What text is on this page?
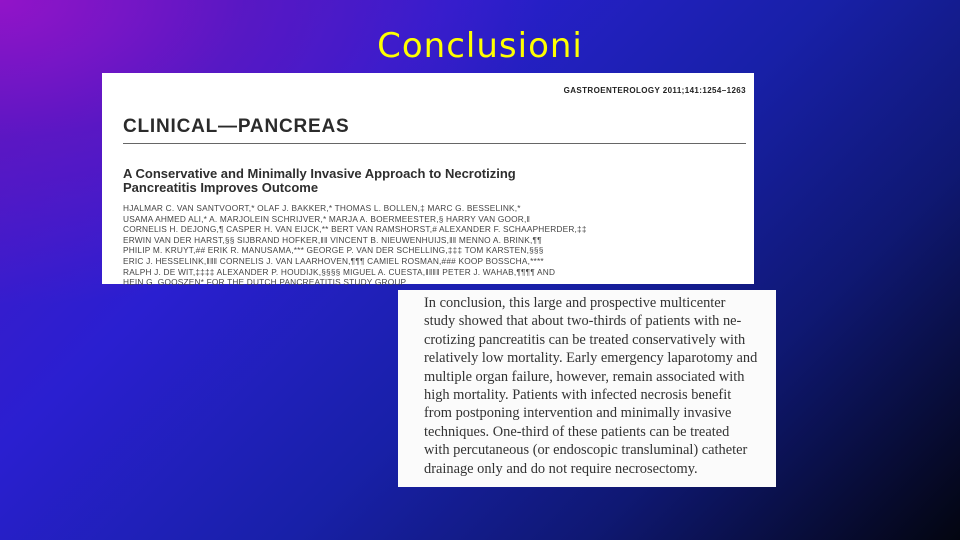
Conclusioni
GASTROENTEROLOGY 2011;141:1254–1263
CLINICAL—PANCREAS
A Conservative and Minimally Invasive Approach to Necrotizing
Pancreatitis Improves Outcome

HJALMAR C. VAN SANTVOORT,* OLAF J. BAKKER,* THOMAS L. BOLLEN,‡ MARC G. BESSELINK,*

USAMA AHMED ALI,* A. MARJOLEIN SCHRIJVER,* MARJA A. BOERMEESTER,§ HARRY VAN GOOR,‖

CORNELIS H. DEJONG,¶ CASPER H. VAN EIJCK,** BERT VAN RAMSHORST,# ALEXANDER F. SCHAAPHERDER,‡‡

ERWIN VAN DER HARST,§§ SIJBRAND HOFKER,‖‖ VINCENT B. NIEUWENHUIJS,‖‖ MENNO A. BRINK,¶¶

PHILIP M. KRUYT,## ERIK R. MANUSAMA,*** GEORGE P. VAN DER SCHELLING,‡‡‡ TOM KARSTEN,§§§

ERIC J. HESSELINK,‖‖‖ CORNELIS J. VAN LAARHOVEN,¶¶¶ CAMIEL ROSMAN,### KOOP BOSSCHA,****

RALPH J. DE WIT,‡‡‡‡ ALEXANDER P. HOUDIJK,§§§§ MIGUEL A. CUESTA,‖‖‖‖ PETER J. WAHAB,¶¶¶¶ AND

HEIN G. GOOSZEN* FOR THE DUTCH PANCREATITIS STUDY GROUP

In conclusion, this large and prospective multicenter

study showed that about two-thirds of patients with ne-

crotizing pancreatitis can be treated conservatively with

relatively low mortality. Early emergency laparotomy and

multiple organ failure, however, remain associated with

high mortality. Patients with infected necrosis benefit

from postponing intervention and minimally invasive

techniques. One-third of these patients can be treated

with percutaneous (or endoscopic transluminal) catheter

drainage only and do not require necrosectomy.
